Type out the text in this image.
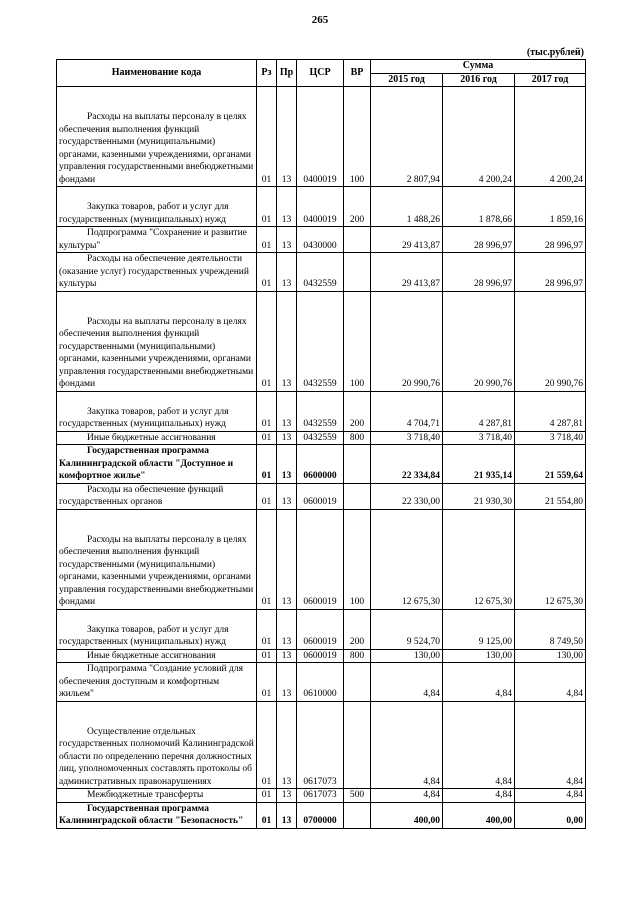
265
(тыс.рублей)
Наименование кода	Рз	Пр	ЦСР	ВР	Сумма		
					2015 год	2016 год	2017 год
Расходы на выплаты персоналу в целях обеспечения выполнения функций государственными (муниципальными) органами, казенными учреждениями, органами управления государственными внебюджетными фондами	01	13	0400019	100	2 807,94	4 200,24	4 200,24
Закупка товаров, работ и услуг для государственных (муниципальных) нужд	01	13	0400019	200	1 488,26	1 878,66	1 859,16
Подпрограмма "Сохранение и развитие культуры"	01	13	0430000		29 413,87	28 996,97	28 996,97
Расходы на обеспечение деятельности (оказание услуг) государственных учреждений культуры	01	13	0432559		29 413,87	28 996,97	28 996,97
Расходы на выплаты персоналу в целях обеспечения выполнения функций государственными (муниципальными) органами, казенными учреждениями, органами управления государственными внебюджетными фондами	01	13	0432559	100	20 990,76	20 990,76	20 990,76
Закупка товаров, работ и услуг для государственных (муниципальных) нужд	01	13	0432559	200	4 704,71	4 287,81	4 287,81
Иные бюджетные ассигнования	01	13	0432559	800	3 718,40	3 718,40	3 718,40
Государственная программа Калининградской области "Доступное и комфортное жилье"	01	13	0600000		22 334,84	21 935,14	21 559,64
Расходы на обеспечение функций государственных органов	01	13	0600019		22 330,00	21 930,30	21 554,80
Расходы на выплаты персоналу в целях обеспечения выполнения функций государственными (муниципальными) органами, казенными учреждениями, органами управления государственными внебюджетными фондами	01	13	0600019	100	12 675,30	12 675,30	12 675,30
Закупка товаров, работ и услуг для государственных (муниципальных) нужд	01	13	0600019	200	9 524,70	9 125,00	8 749,50
Иные бюджетные ассигнования	01	13	0600019	800	130,00	130,00	130,00
Подпрограмма "Создание условий для обеспечения доступным и комфортным жильем"	01	13	0610000		4,84	4,84	4,84
Осуществление отдельных государственных полномочий Калининградской области по определению перечня должностных лиц, уполномоченных составлять протоколы об административных правонарушениях	01	13	0617073		4,84	4,84	4,84
Межбюджетные трансферты	01	13	0617073	500	4,84	4,84	4,84
Государственная программа Калининградской области "Безопасность"	01	13	0700000		400,00	400,00	0,00
